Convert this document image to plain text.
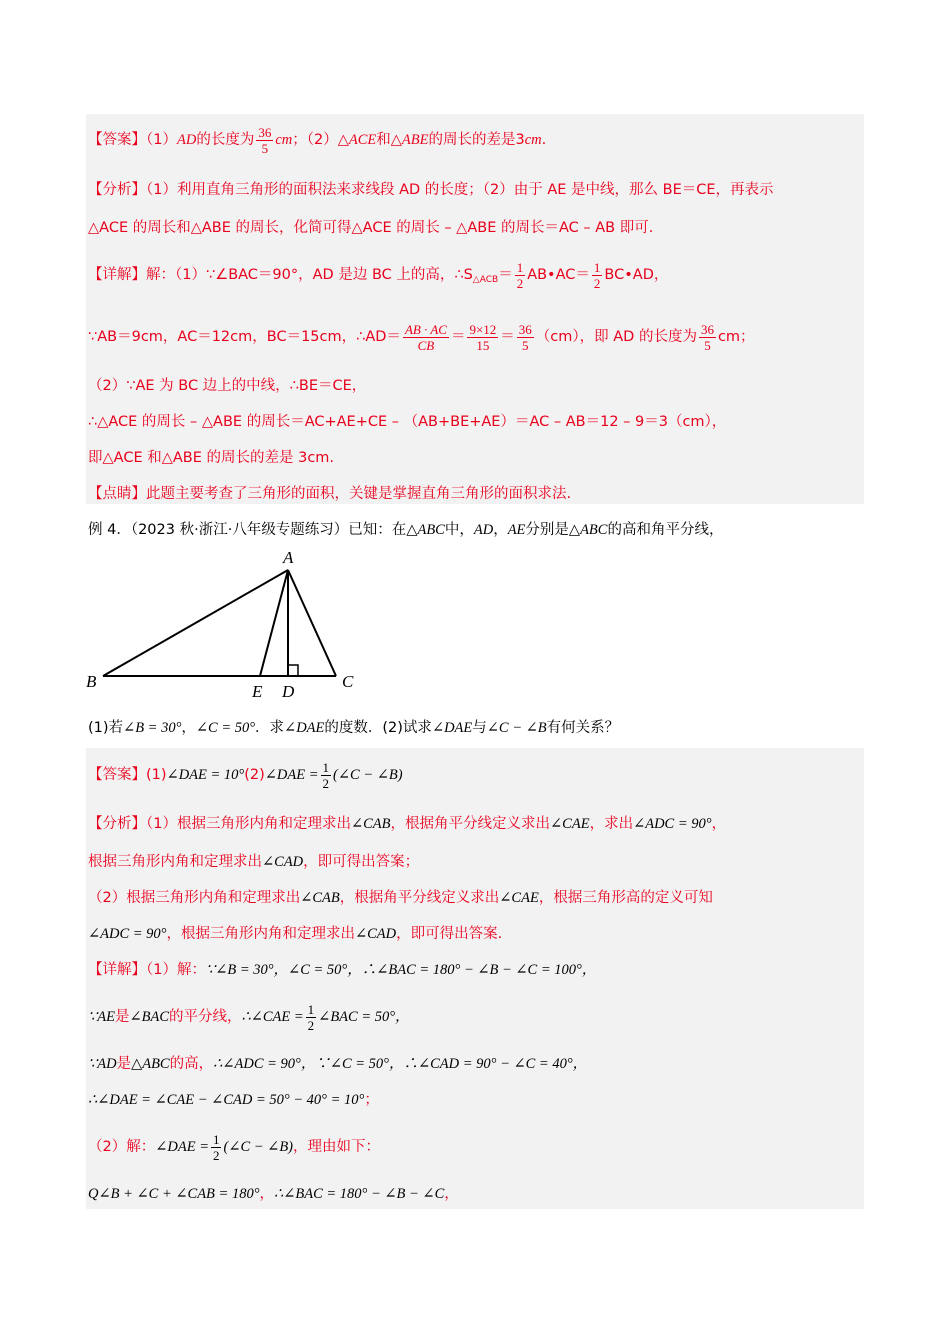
【答案】（1）AD的长度为 $\frac{36}{5}$ cm；（2）△ACE和△ABE的周长的差是3cm.
【分析】（1）利用直角三角形的面积法来求线段 AD 的长度；（2）由于 AE 是中线，那么 BE＝CE，再表示
△ACE 的周长和△ABE 的周长，化简可得△ACE 的周长 – △ABE 的周长＝AC – AB 即可.
【详解】解：（1）∵∠BAC＝90°，AD 是边 BC 上的高，$\therefore S_{\triangle ACB}= \frac{1}{2}$ AB•AC＝ $\frac{1}{2}$ BC•AD，
∵AB＝9cm，AC＝12cm，BC＝15cm，∴AD＝ $\frac{AB \cdot AC}{CB} = \frac{9\times 12}{15} = \frac{36}{5} (cm)$，即 AD 的长度为 $\frac{36}{5}$ cm；
（2）∵AE 为 BC 边上的中线，∴BE＝CE，
∴△ACE 的周长 – △ABE 的周长＝AC+AE+CE – （AB+BE+AE）＝AC – AB＝12 – 9＝3（cm），
即△ACE 和△ABE 的周长的差是 3cm.
【点睛】此题主要考查了三角形的面积，关键是掌握直角三角形的面积求法.
例 4．（2023 秋·浙江·八年级专题练习）已知：在△ABC中，AD，AE分别是△ABC的高和角平分线，
A
B	C
E D
(1)若∠B = 30°，∠C = 50°．求∠DAE的度数．(2)试求∠DAE与∠C − ∠B有何关系？
【答案】(1)∠DAE = 10°(2)∠DAE = $\frac{1}{2}$ (∠C − ∠B)
【分析】（1）根据三角形内角和定理求出∠CAB，根据角平分线定义求出∠CAE，求出∠ADC = 90°，
根据三角形内角和定理求出∠CAD，即可得出答案；
（2）根据三角形内角和定理求出∠CAB，根据角平分线定义求出∠CAE，根据三角形高的定义可知
∠ADC = 90°，根据三角形内角和定理求出∠CAD，即可得出答案.
【详解】（1）解：∵∠B = 30°，∠C = 50°，∴∠BAC = 180° − ∠B − ∠C = 100°，
∵AE是∠BAC的平分线，∴∠CAE = $\frac{1}{2}$ ∠BAC = 50°，
∵AD是△ABC的高，∴∠ADC = 90°，∵∠C = 50°，∴∠CAD = 90° − ∠C = 40°，
∴∠DAE = ∠CAE − ∠CAD = 50° − 40° = 10°；
（2）解：∠DAE = $\frac{1}{2}$ (∠C − ∠B)，理由如下：
Q∠B + ∠C + ∠CAB = 180°，∴∠BAC = 180° − ∠B − ∠C，
